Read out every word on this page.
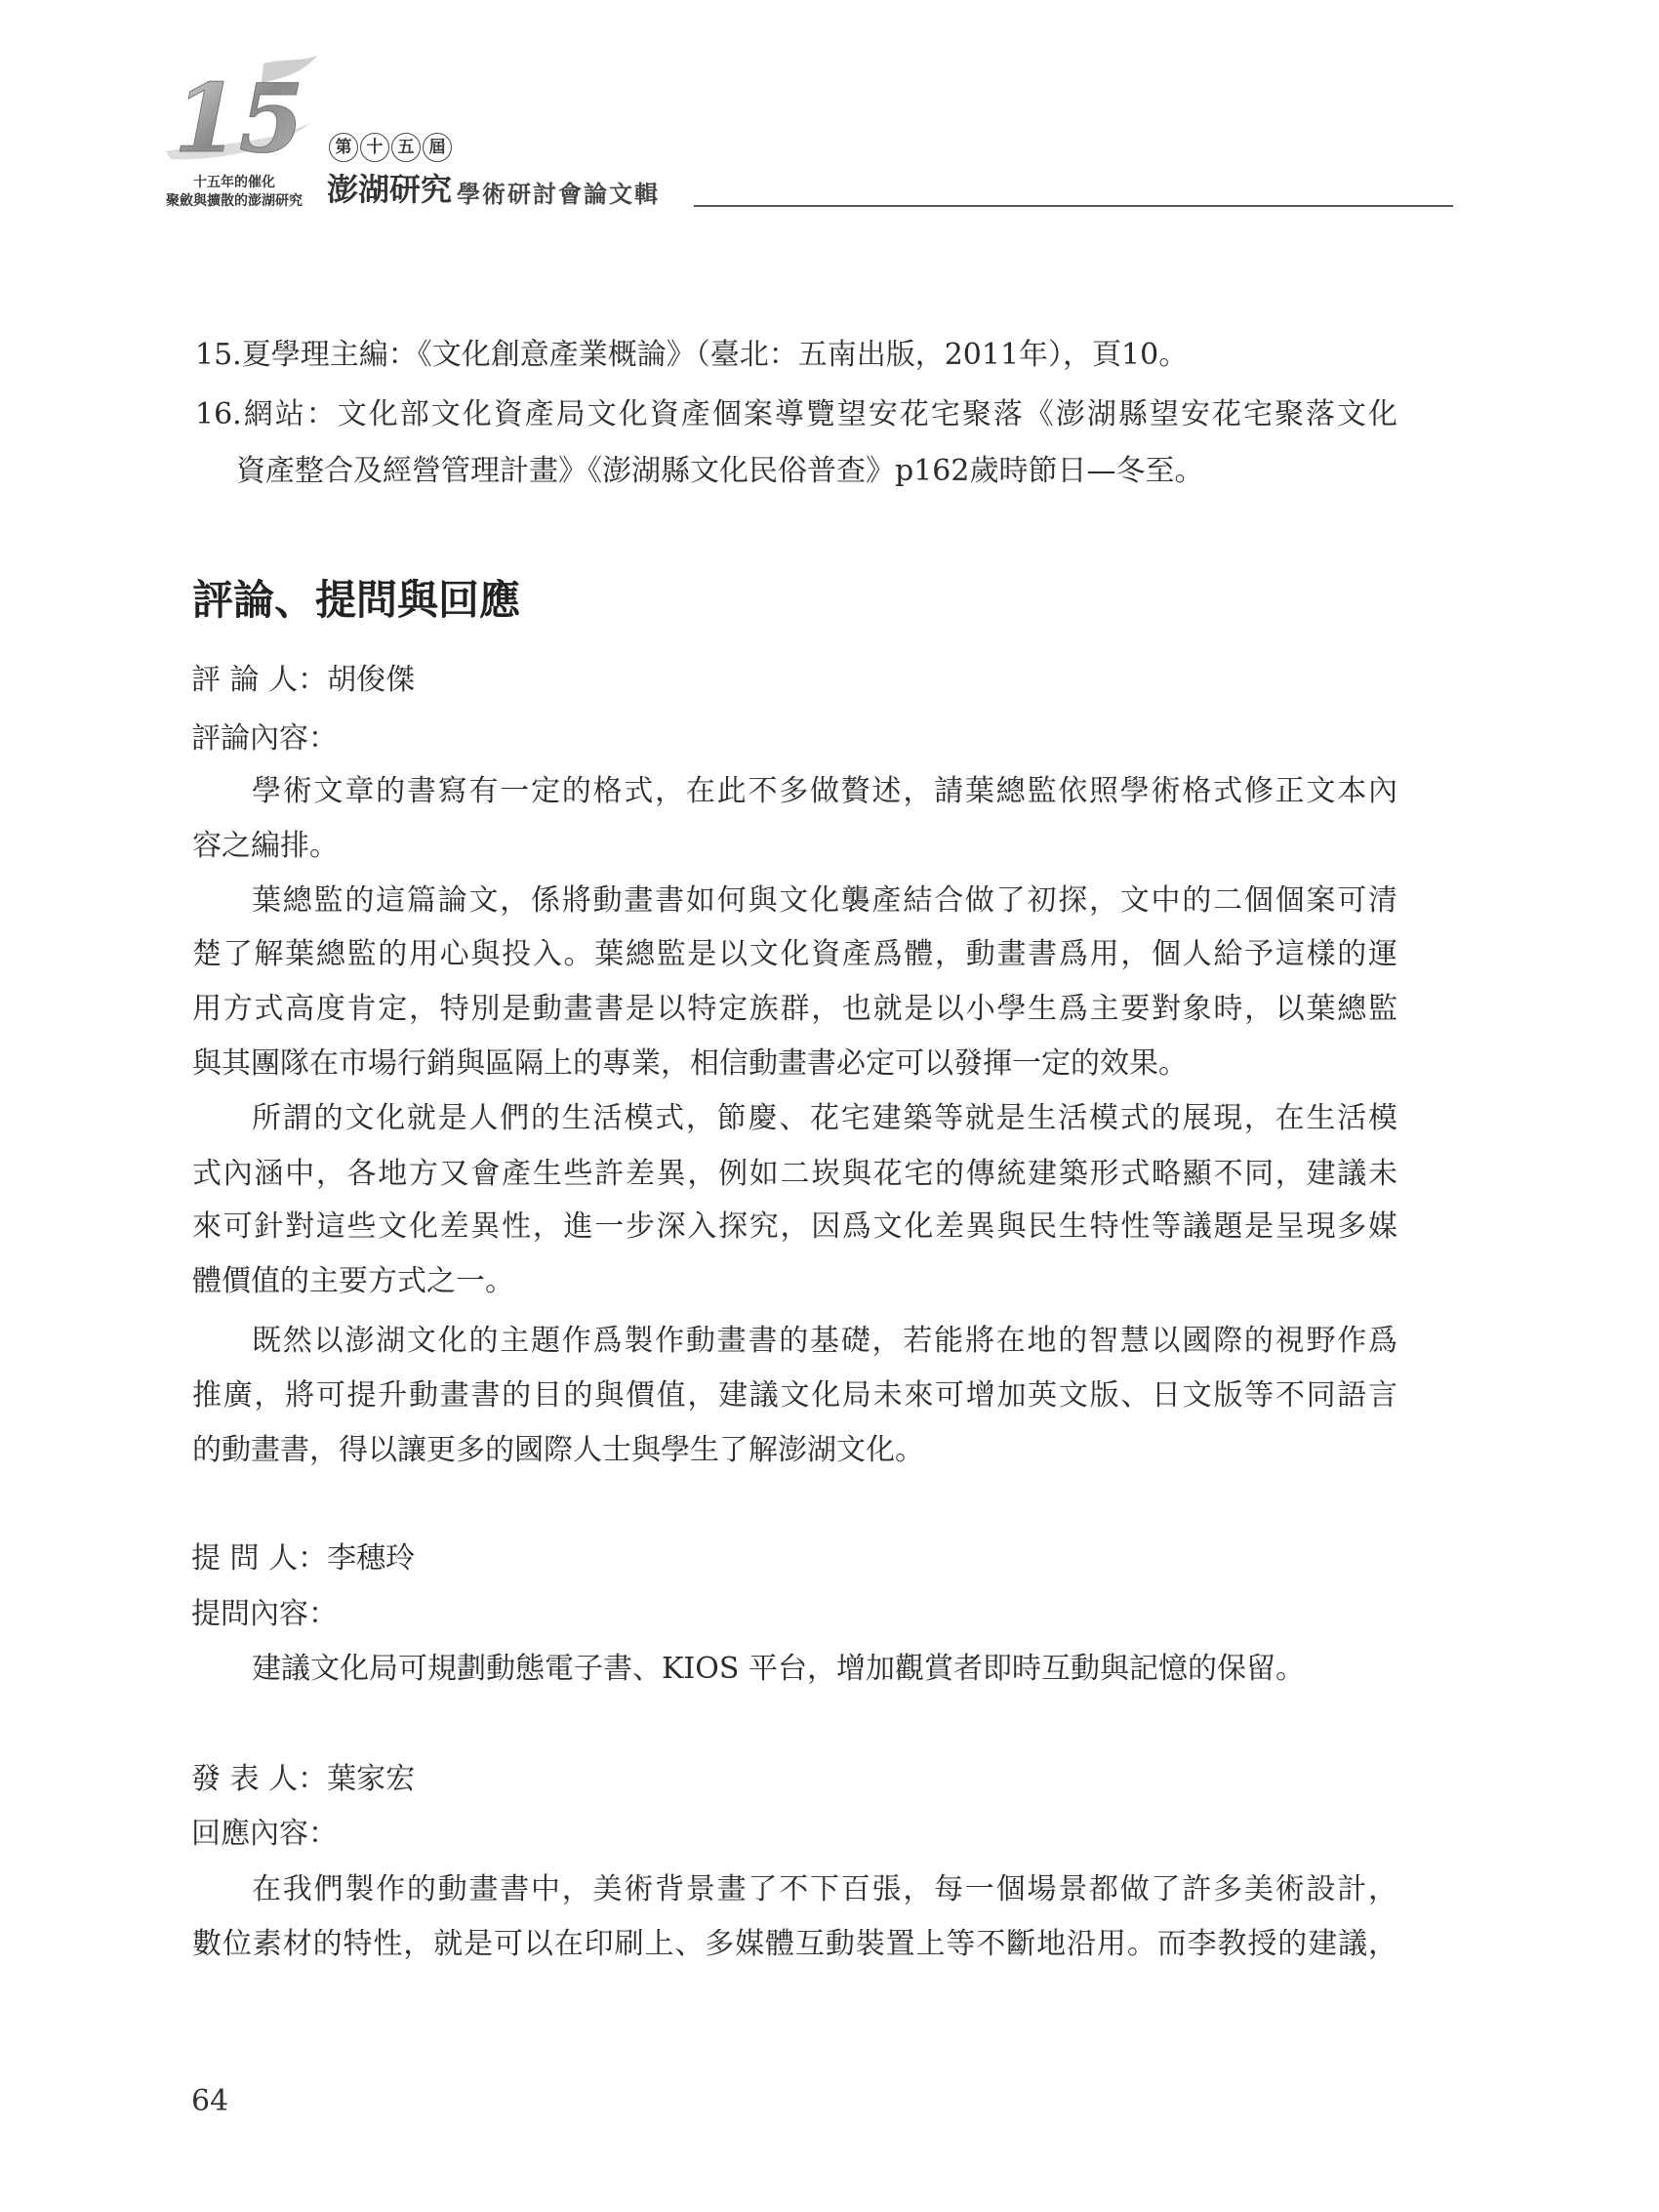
15
十五年的催化
聚斂與擴散的澎湖研究
第 十 五 屆
澎湖研究 學術研討會論文輯
15.夏學理主編：《文化創意產業概論》（臺北：五南出版，2011年），頁10。
16.網站：文化部文化資產局文化資產個案導覽望安花宅聚落《澎湖縣望安花宅聚落文化
資產整合及經營管理計畫》《澎湖縣文化民俗普查》p162歲時節日—冬至。
評論、提問與回應
評 論 人：胡俊傑
評論內容：
學術文章的書寫有一定的格式，在此不多做贅述，請葉總監依照學術格式修正文本內
容之編排。
葉總監的這篇論文，係將動畫書如何與文化襲產結合做了初探，文中的二個個案可清
楚了解葉總監的用心與投入。葉總監是以文化資產爲體，動畫書爲用，個人給予這樣的運
用方式高度肯定，特別是動畫書是以特定族群，也就是以小學生爲主要對象時，以葉總監
與其團隊在市場行銷與區隔上的專業，相信動畫書必定可以發揮一定的效果。
所謂的文化就是人們的生活模式，節慶、花宅建築等就是生活模式的展現，在生活模
式內涵中，各地方又會產生些許差異，例如二崁與花宅的傳統建築形式略顯不同，建議未
來可針對這些文化差異性，進一步深入探究，因爲文化差異與民生特性等議題是呈現多媒
體價值的主要方式之一。
既然以澎湖文化的主題作爲製作動畫書的基礎，若能將在地的智慧以國際的視野作爲
推廣，將可提升動畫書的目的與價值，建議文化局未來可增加英文版、日文版等不同語言
的動畫書，得以讓更多的國際人士與學生了解澎湖文化。
提 問 人：李穗玲
提問內容：
建議文化局可規劃動態電子書、KIOS 平台，增加觀賞者即時互動與記憶的保留。
發 表 人：葉家宏
回應內容：
在我們製作的動畫書中，美術背景畫了不下百張，每一個場景都做了許多美術設計，
數位素材的特性，就是可以在印刷上、多媒體互動裝置上等不斷地沿用。而李教授的建議，
64
